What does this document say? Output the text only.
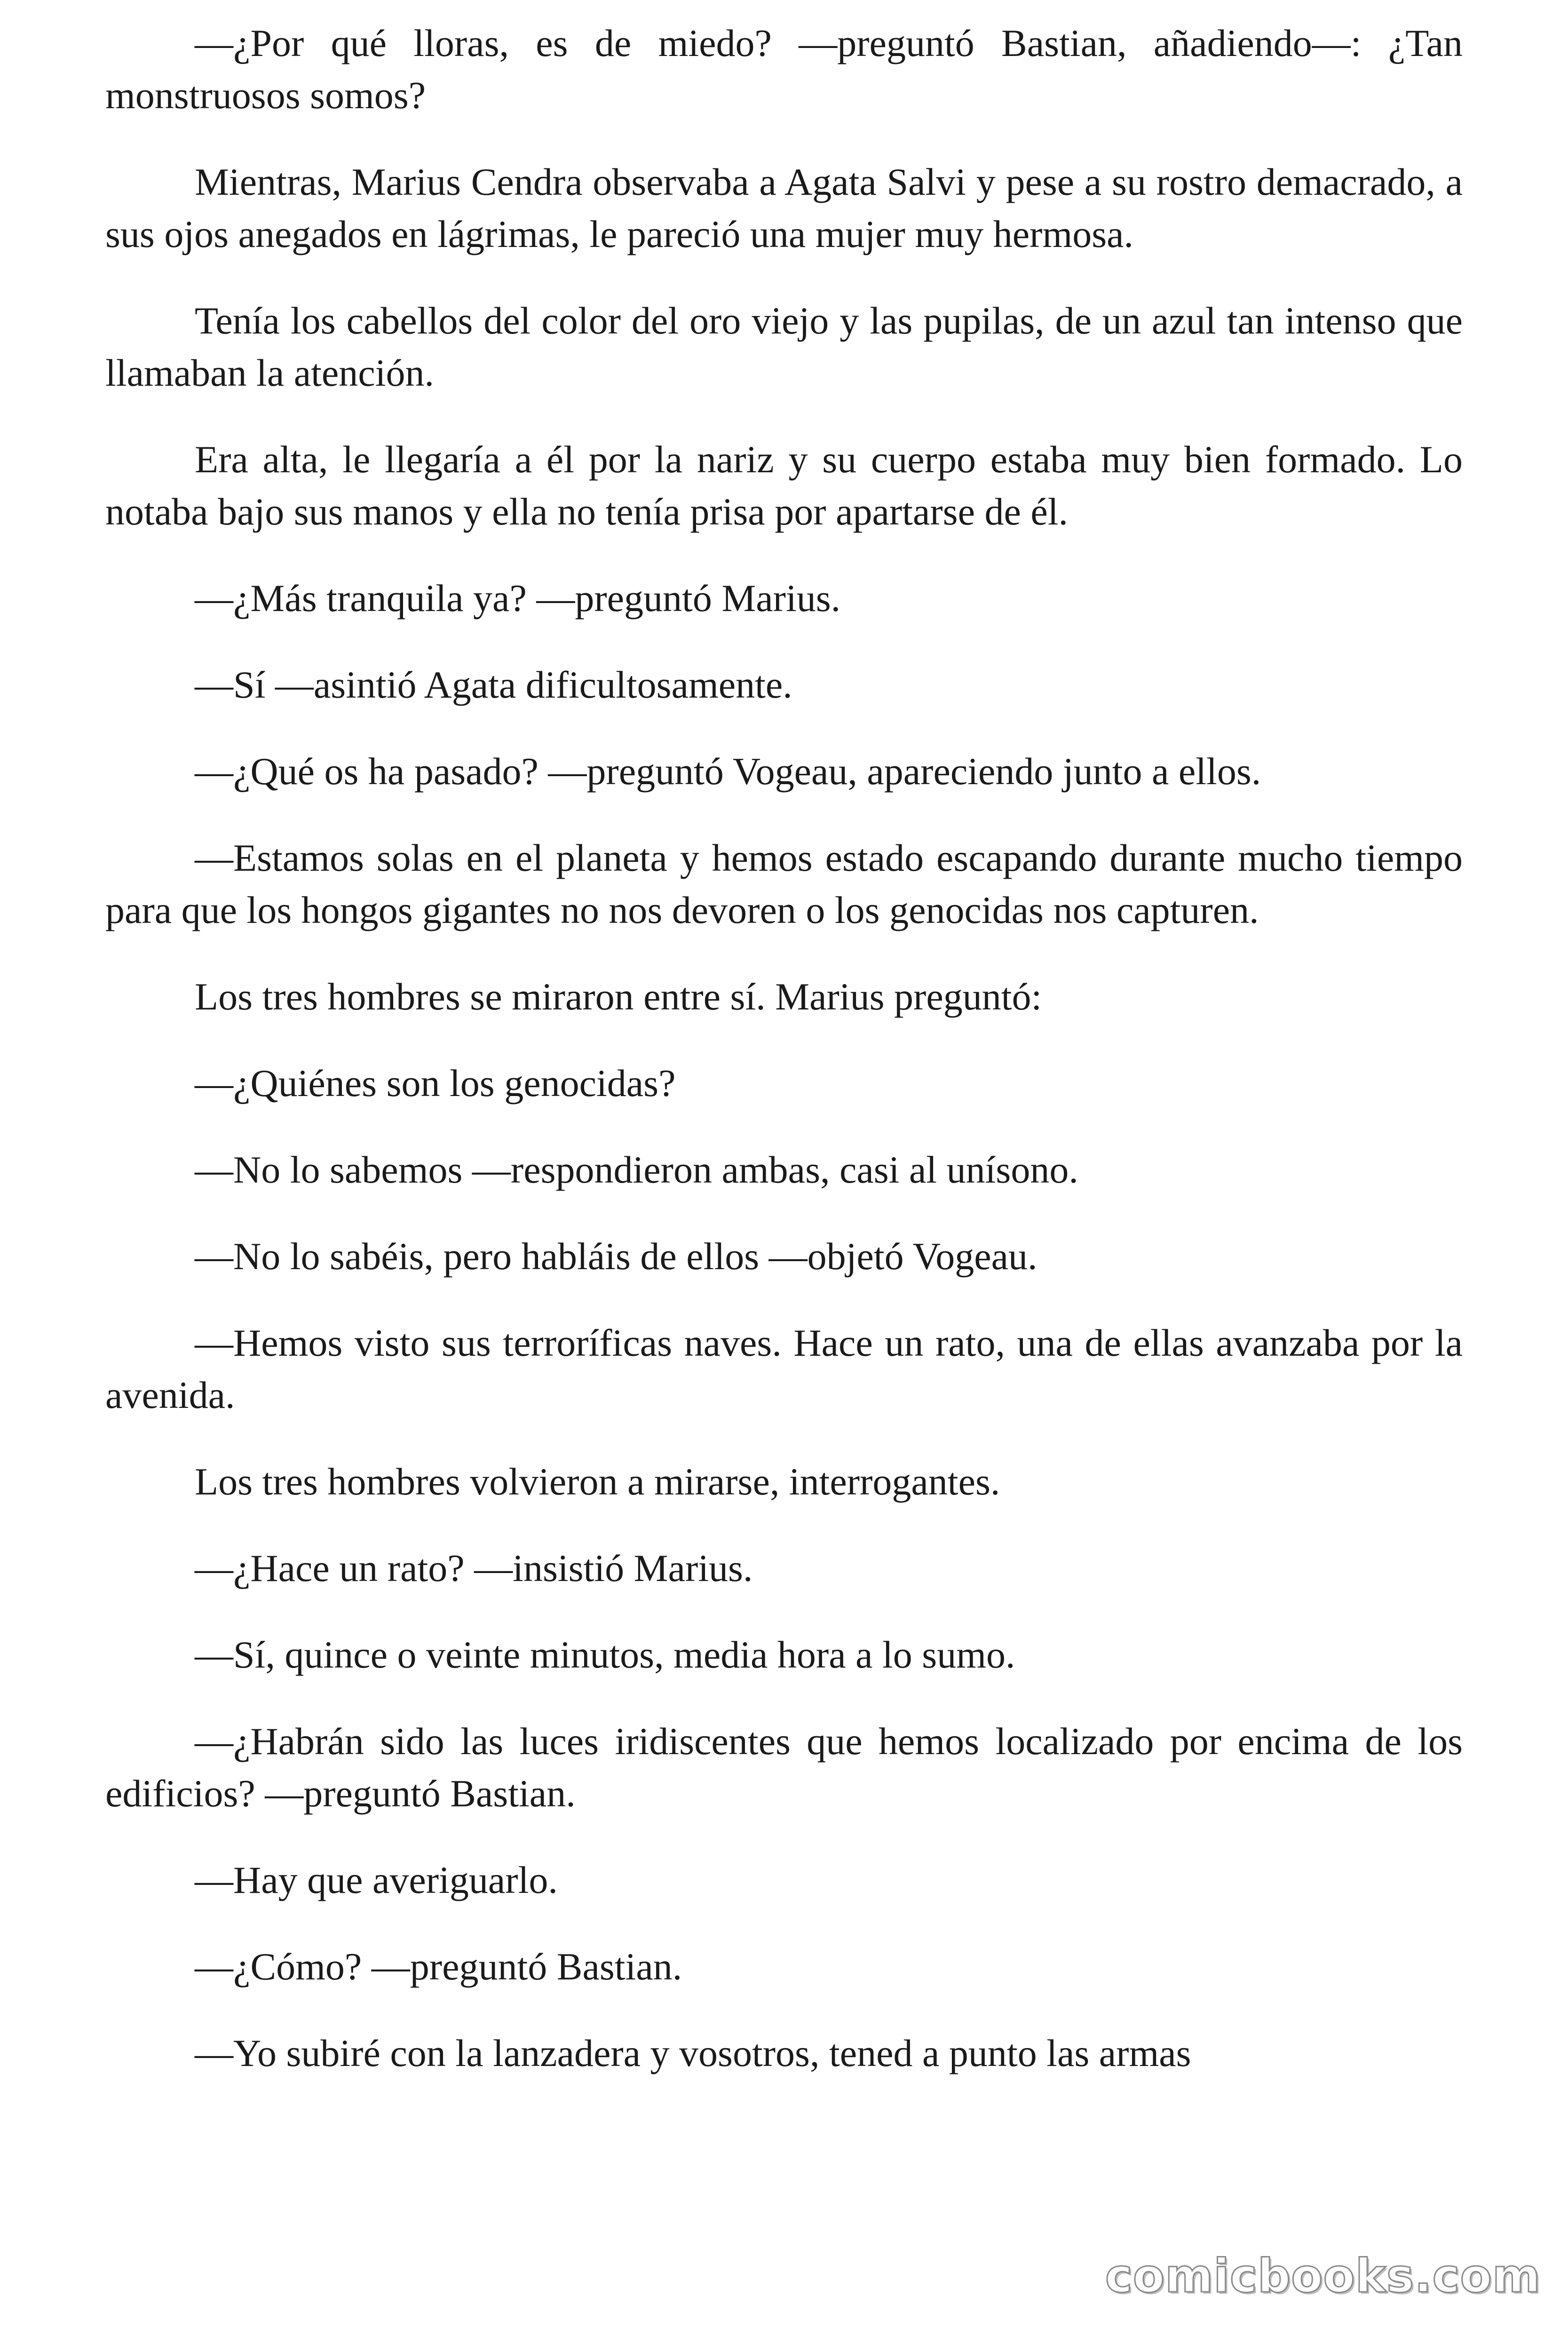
—¿Por qué lloras, es de miedo? —preguntó Bastian, añadiendo—: ¿Tan monstruosos somos?

Mientras, Marius Cendra observaba a Agata Salvi y pese a su rostro demacrado, a sus ojos anegados en lágrimas, le pareció una mujer muy hermosa.

Tenía los cabellos del color del oro viejo y las pupilas, de un azul tan intenso que llamaban la atención.

Era alta, le llegaría a él por la nariz y su cuerpo estaba muy bien formado. Lo notaba bajo sus manos y ella no tenía prisa por apartarse de él.

—¿Más tranquila ya? —preguntó Marius.

—Sí —asintió Agata dificultosamente.

—¿Qué os ha pasado? —preguntó Vogeau, apareciendo junto a ellos.

—Estamos solas en el planeta y hemos estado escapando durante mucho tiempo para que los hongos gigantes no nos devoren o los genocidas nos capturen.

Los tres hombres se miraron entre sí. Marius preguntó:

—¿Quiénes son los genocidas?

—No lo sabemos —respondieron ambas, casi al unísono.

—No lo sabéis, pero habláis de ellos —objetó Vogeau.

—Hemos visto sus terroríficas naves. Hace un rato, una de ellas avanzaba por la avenida.

Los tres hombres volvieron a mirarse, interrogantes.

—¿Hace un rato? —insistió Marius.

—Sí, quince o veinte minutos, media hora a lo sumo.

—¿Habrán sido las luces iridiscentes que hemos localizado por encima de los edificios? —preguntó Bastian.

—Hay que averiguarlo.

—¿Cómo? —preguntó Bastian.

—Yo subiré con la lanzadera y vosotros, tened a punto las armas

comicbooks.com
